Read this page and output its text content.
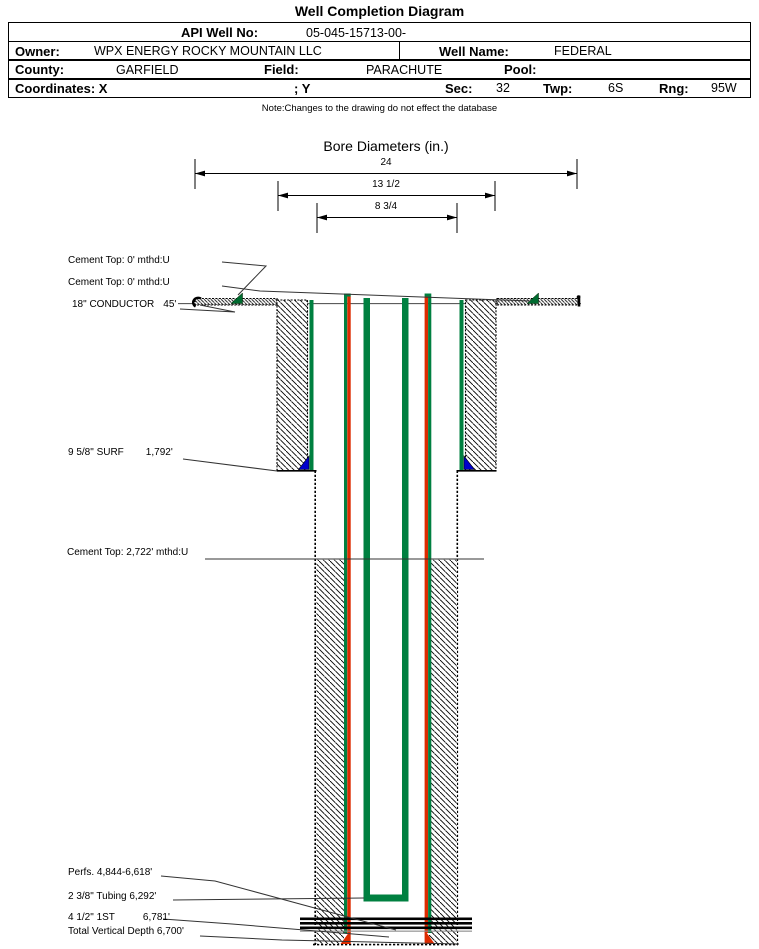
Well Completion Diagram
API Well No:	05-045-15713-00-
Owner:	WPX ENERGY ROCKY MOUNTAIN LLC	Well Name:	FEDERAL
County:	GARFIELD	Field:	PARACHUTE	Pool:
Coordinates: X	; Y	Sec: 32	Twp:	6S	Rng: 95W
Note:Changes to the drawing do not effect the database
Bore Diameters (in.)
24
13 1/2
8 3/4
Cement Top: 0' mthd:U
Cement Top: 0' mthd:U
18" CONDUCTOR 45'
9 5/8" SURF 1,792'
Cement Top: 2,722' mthd:U
Perfs. 4,844-6,618'
2 3/8" Tubing 6,292'
4 1/2" 1ST	6,781'
Total Vertical Depth 6,700'
